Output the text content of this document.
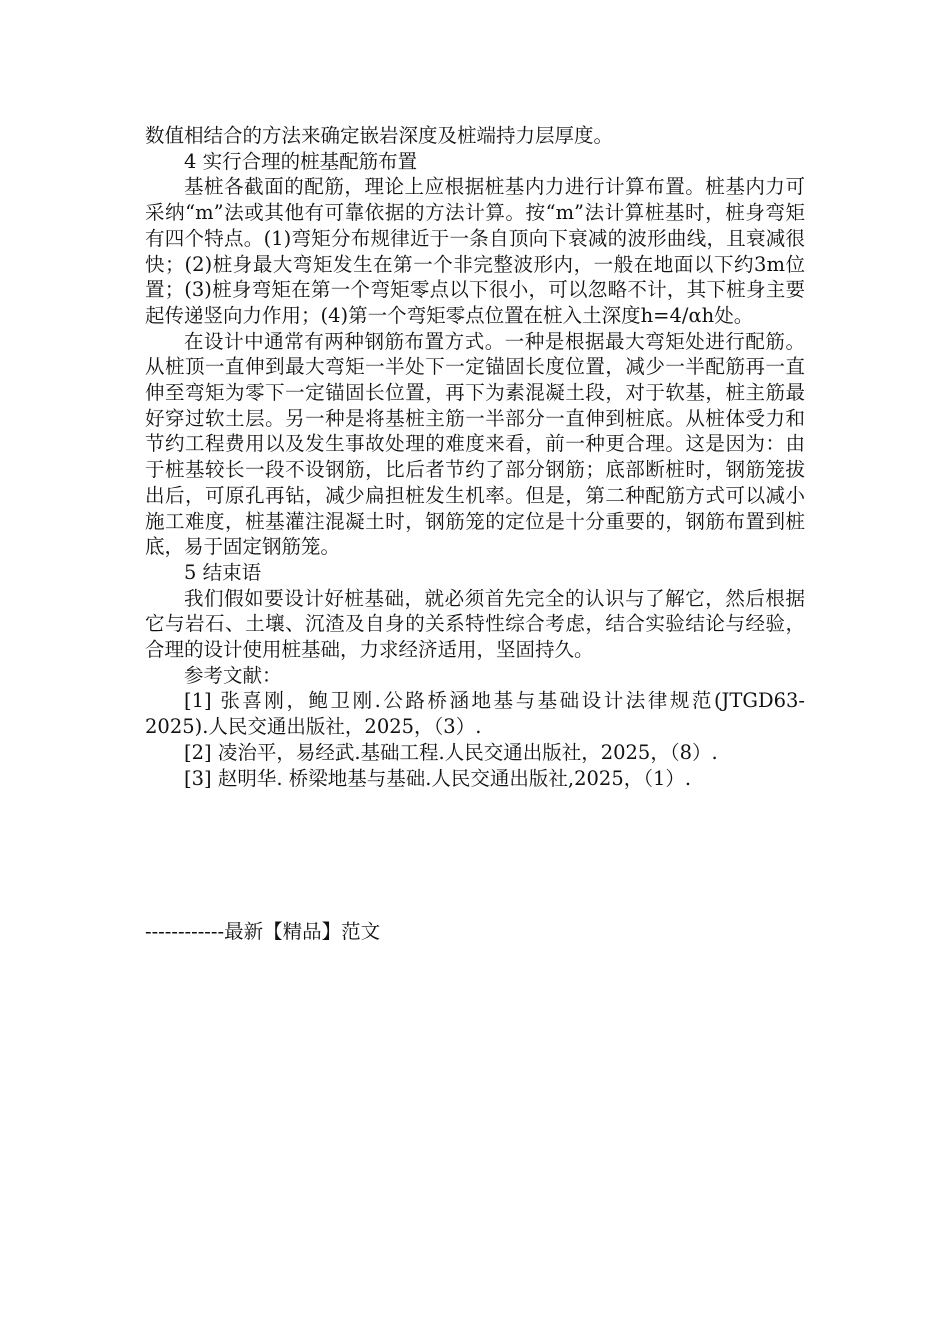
数值相结合的方法来确定嵌岩深度及桩端持力层厚度。

4 实行合理的桩基配筋布置

基桩各截面的配筋，理论上应根据桩基内力进行计算布置。桩基内力可采纳“m”法或其他有可靠依据的方法计算。按“m”法计算桩基时，桩身弯矩有四个特点。(1)弯矩分布规律近于一条自顶向下衰减的波形曲线，且衰减很快；(2)桩身最大弯矩发生在第一个非完整波形内，一般在地面以下约3m位置；(3)桩身弯矩在第一个弯矩零点以下很小，可以忽略不计，其下桩身主要起传递竖向力作用；(4)第一个弯矩零点位置在桩入土深度h=4/αh处。

在设计中通常有两种钢筋布置方式。一种是根据最大弯矩处进行配筋。从桩顶一直伸到最大弯矩一半处下一定锚固长度位置，减少一半配筋再一直伸至弯矩为零下一定锚固长位置，再下为素混凝土段，对于软基，桩主筋最好穿过软土层。另一种是将基桩主筋一半部分一直伸到桩底。从桩体受力和节约工程费用以及发生事故处理的难度来看，前一种更合理。这是因为：由于桩基较长一段不设钢筋，比后者节约了部分钢筋；底部断桩时，钢筋笼拔出后，可原孔再钻，减少扁担桩发生机率。但是，第二种配筋方式可以减小施工难度，桩基灌注混凝土时，钢筋笼的定位是十分重要的，钢筋布置到桩底，易于固定钢筋笼。

5 结束语

我们假如要设计好桩基础，就必须首先完全的认识与了解它，然后根据它与岩石、土壤、沉渣及自身的关系特性综合考虑，结合实验结论与经验，合理的设计使用桩基础，力求经济适用，坚固持久。

参考文献：

[1] 张喜刚，鲍卫刚.公路桥涵地基与基础设计法律规范(JTGD63-2025).人民交通出版社，2025，（3）.

[2] 凌治平，易经武.基础工程.人民交通出版社，2025，（8）.

[3] 赵明华. 桥梁地基与基础.人民交通出版社,2025，（1）.

------------最新【精品】范文
